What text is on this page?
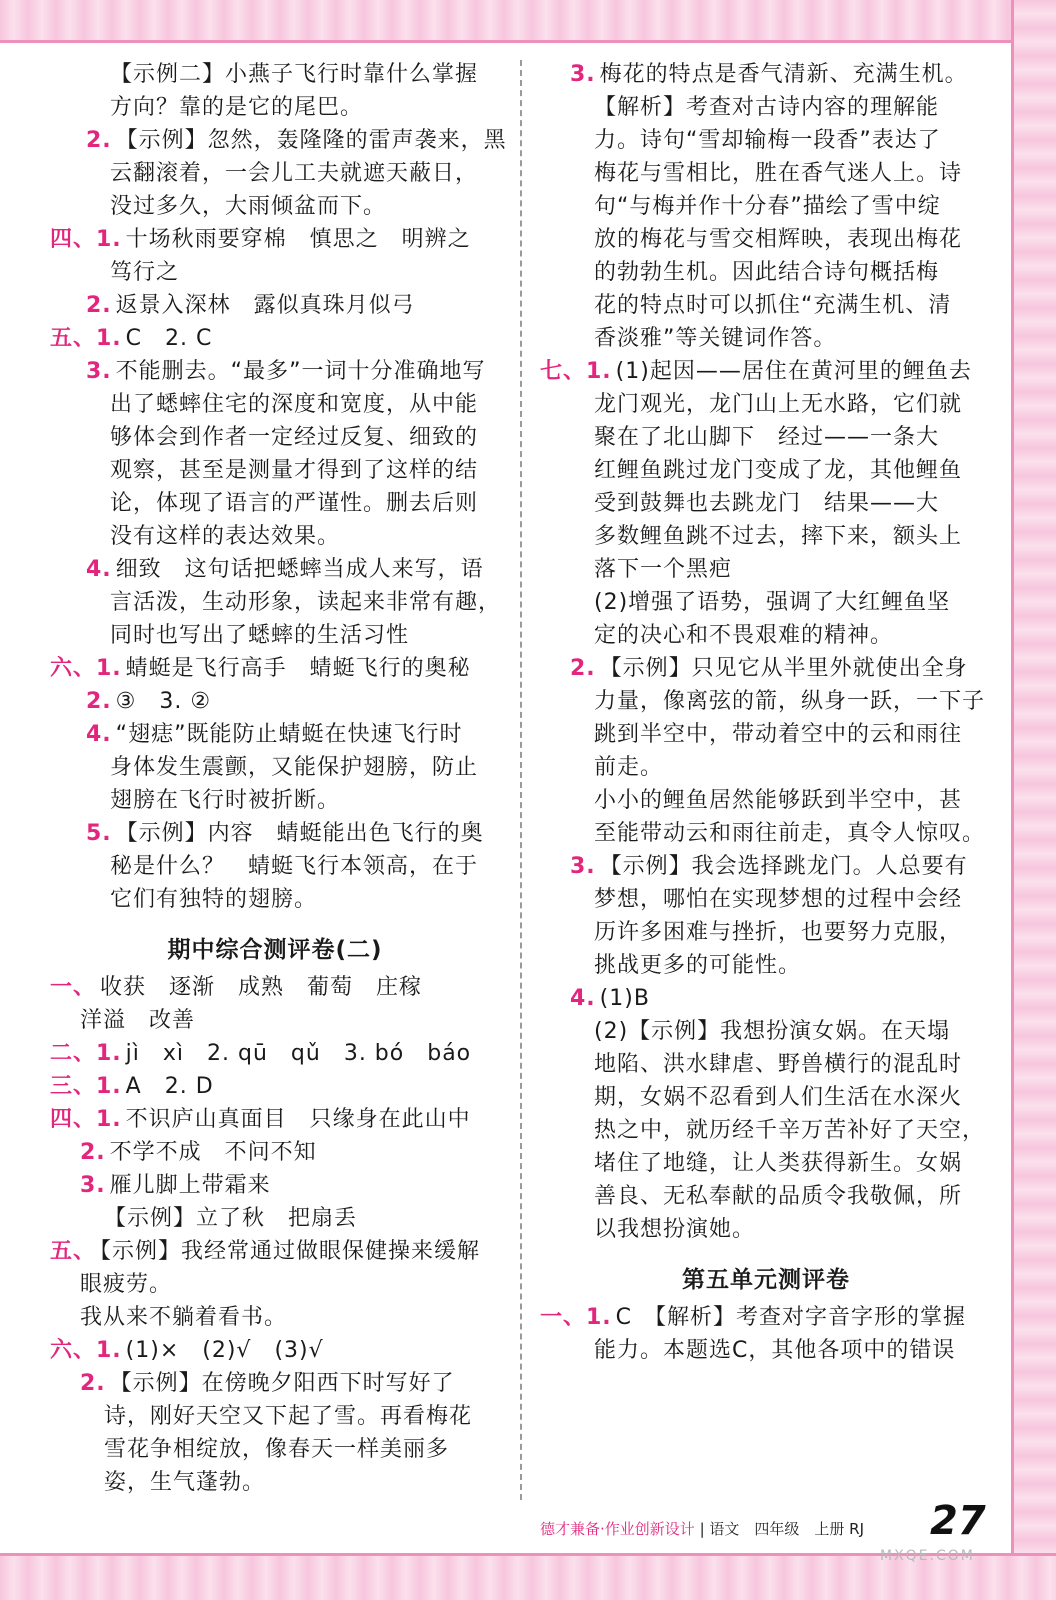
【示例二】小燕子飞行时靠什么掌握
方向？靠的是它的尾巴。
2. 【示例】忽然，轰隆隆的雷声袭来，黑
云翻滚着，一会儿工夫就遮天蔽日，
没过多久，大雨倾盆而下。
四、1. 十场秋雨要穿棉　慎思之　明辨之
笃行之
2. 返景入深林　露似真珠月似弓
五、1. C　2. C
3. 不能删去。“最多”一词十分准确地写
出了蟋蟀住宅的深度和宽度，从中能
够体会到作者一定经过反复、细致的
观察，甚至是测量才得到了这样的结
论，体现了语言的严谨性。删去后则
没有这样的表达效果。
4. 细致　这句话把蟋蟀当成人来写，语
言活泼，生动形象，读起来非常有趣，
同时也写出了蟋蟀的生活习性
六、1. 蜻蜓是飞行高手　蜻蜓飞行的奥秘
2. ③　3. ②
4. “翅痣”既能防止蜻蜓在快速飞行时
身体发生震颤，又能保护翅膀，防止
翅膀在飞行时被折断。
5. 【示例】内容　蜻蜓能出色飞行的奥
秘是什么？　蜻蜓飞行本领高，在于
它们有独特的翅膀。
期中综合测评卷(二)
一、 收获　逐渐　成熟　葡萄　庄稼
洋溢　改善
二、1. jì　xì　2. qū　qǔ　3. bó　báo
三、1. A　2. D
四、1. 不识庐山真面目　只缘身在此山中
2. 不学不成　不问不知
3. 雁儿脚上带霜来
【示例】立了秋　把扇丢
五、 【示例】我经常通过做眼保健操来缓解
眼疲劳。
我从来不躺着看书。
六、1. (1)×　(2)√　(3)√
2. 【示例】在傍晚夕阳西下时写好了
诗，刚好天空又下起了雪。再看梅花
雪花争相绽放，像春天一样美丽多
姿，生气蓬勃。
3. 梅花的特点是香气清新、充满生机。
【解析】考查对古诗内容的理解能
力。诗句“雪却输梅一段香”表达了
梅花与雪相比，胜在香气迷人上。诗
句“与梅并作十分春”描绘了雪中绽
放的梅花与雪交相辉映，表现出梅花
的勃勃生机。因此结合诗句概括梅
花的特点时可以抓住“充满生机、清
香淡雅”等关键词作答。
七、1. (1)起因——居住在黄河里的鲤鱼去
龙门观光，龙门山上无水路，它们就
聚在了北山脚下　经过——一条大
红鲤鱼跳过龙门变成了龙，其他鲤鱼
受到鼓舞也去跳龙门　结果——大
多数鲤鱼跳不过去，摔下来，额头上
落下一个黑疤
(2)增强了语势，强调了大红鲤鱼坚
定的决心和不畏艰难的精神。
2. 【示例】只见它从半里外就使出全身
力量，像离弦的箭，纵身一跃，一下子
跳到半空中，带动着空中的云和雨往
前走。
小小的鲤鱼居然能够跃到半空中，甚
至能带动云和雨往前走，真令人惊叹。
3. 【示例】我会选择跳龙门。人总要有
梦想，哪怕在实现梦想的过程中会经
历许多困难与挫折，也要努力克服，
挑战更多的可能性。
4. (1)B
(2)【示例】我想扮演女娲。在天塌
地陷、洪水肆虐、野兽横行的混乱时
期，女娲不忍看到人们生活在水深火
热之中，就历经千辛万苦补好了天空，
堵住了地缝，让人类获得新生。女娲
善良、无私奉献的品质令我敬佩，所
以我想扮演她。
第五单元测评卷
一、1. C　【解析】考查对字音字形的掌握
能力。本题选C，其他各项中的错误
德才兼备·作业创新设计 | 语文　四年级　上册 RJ	27
MXQE.COM
